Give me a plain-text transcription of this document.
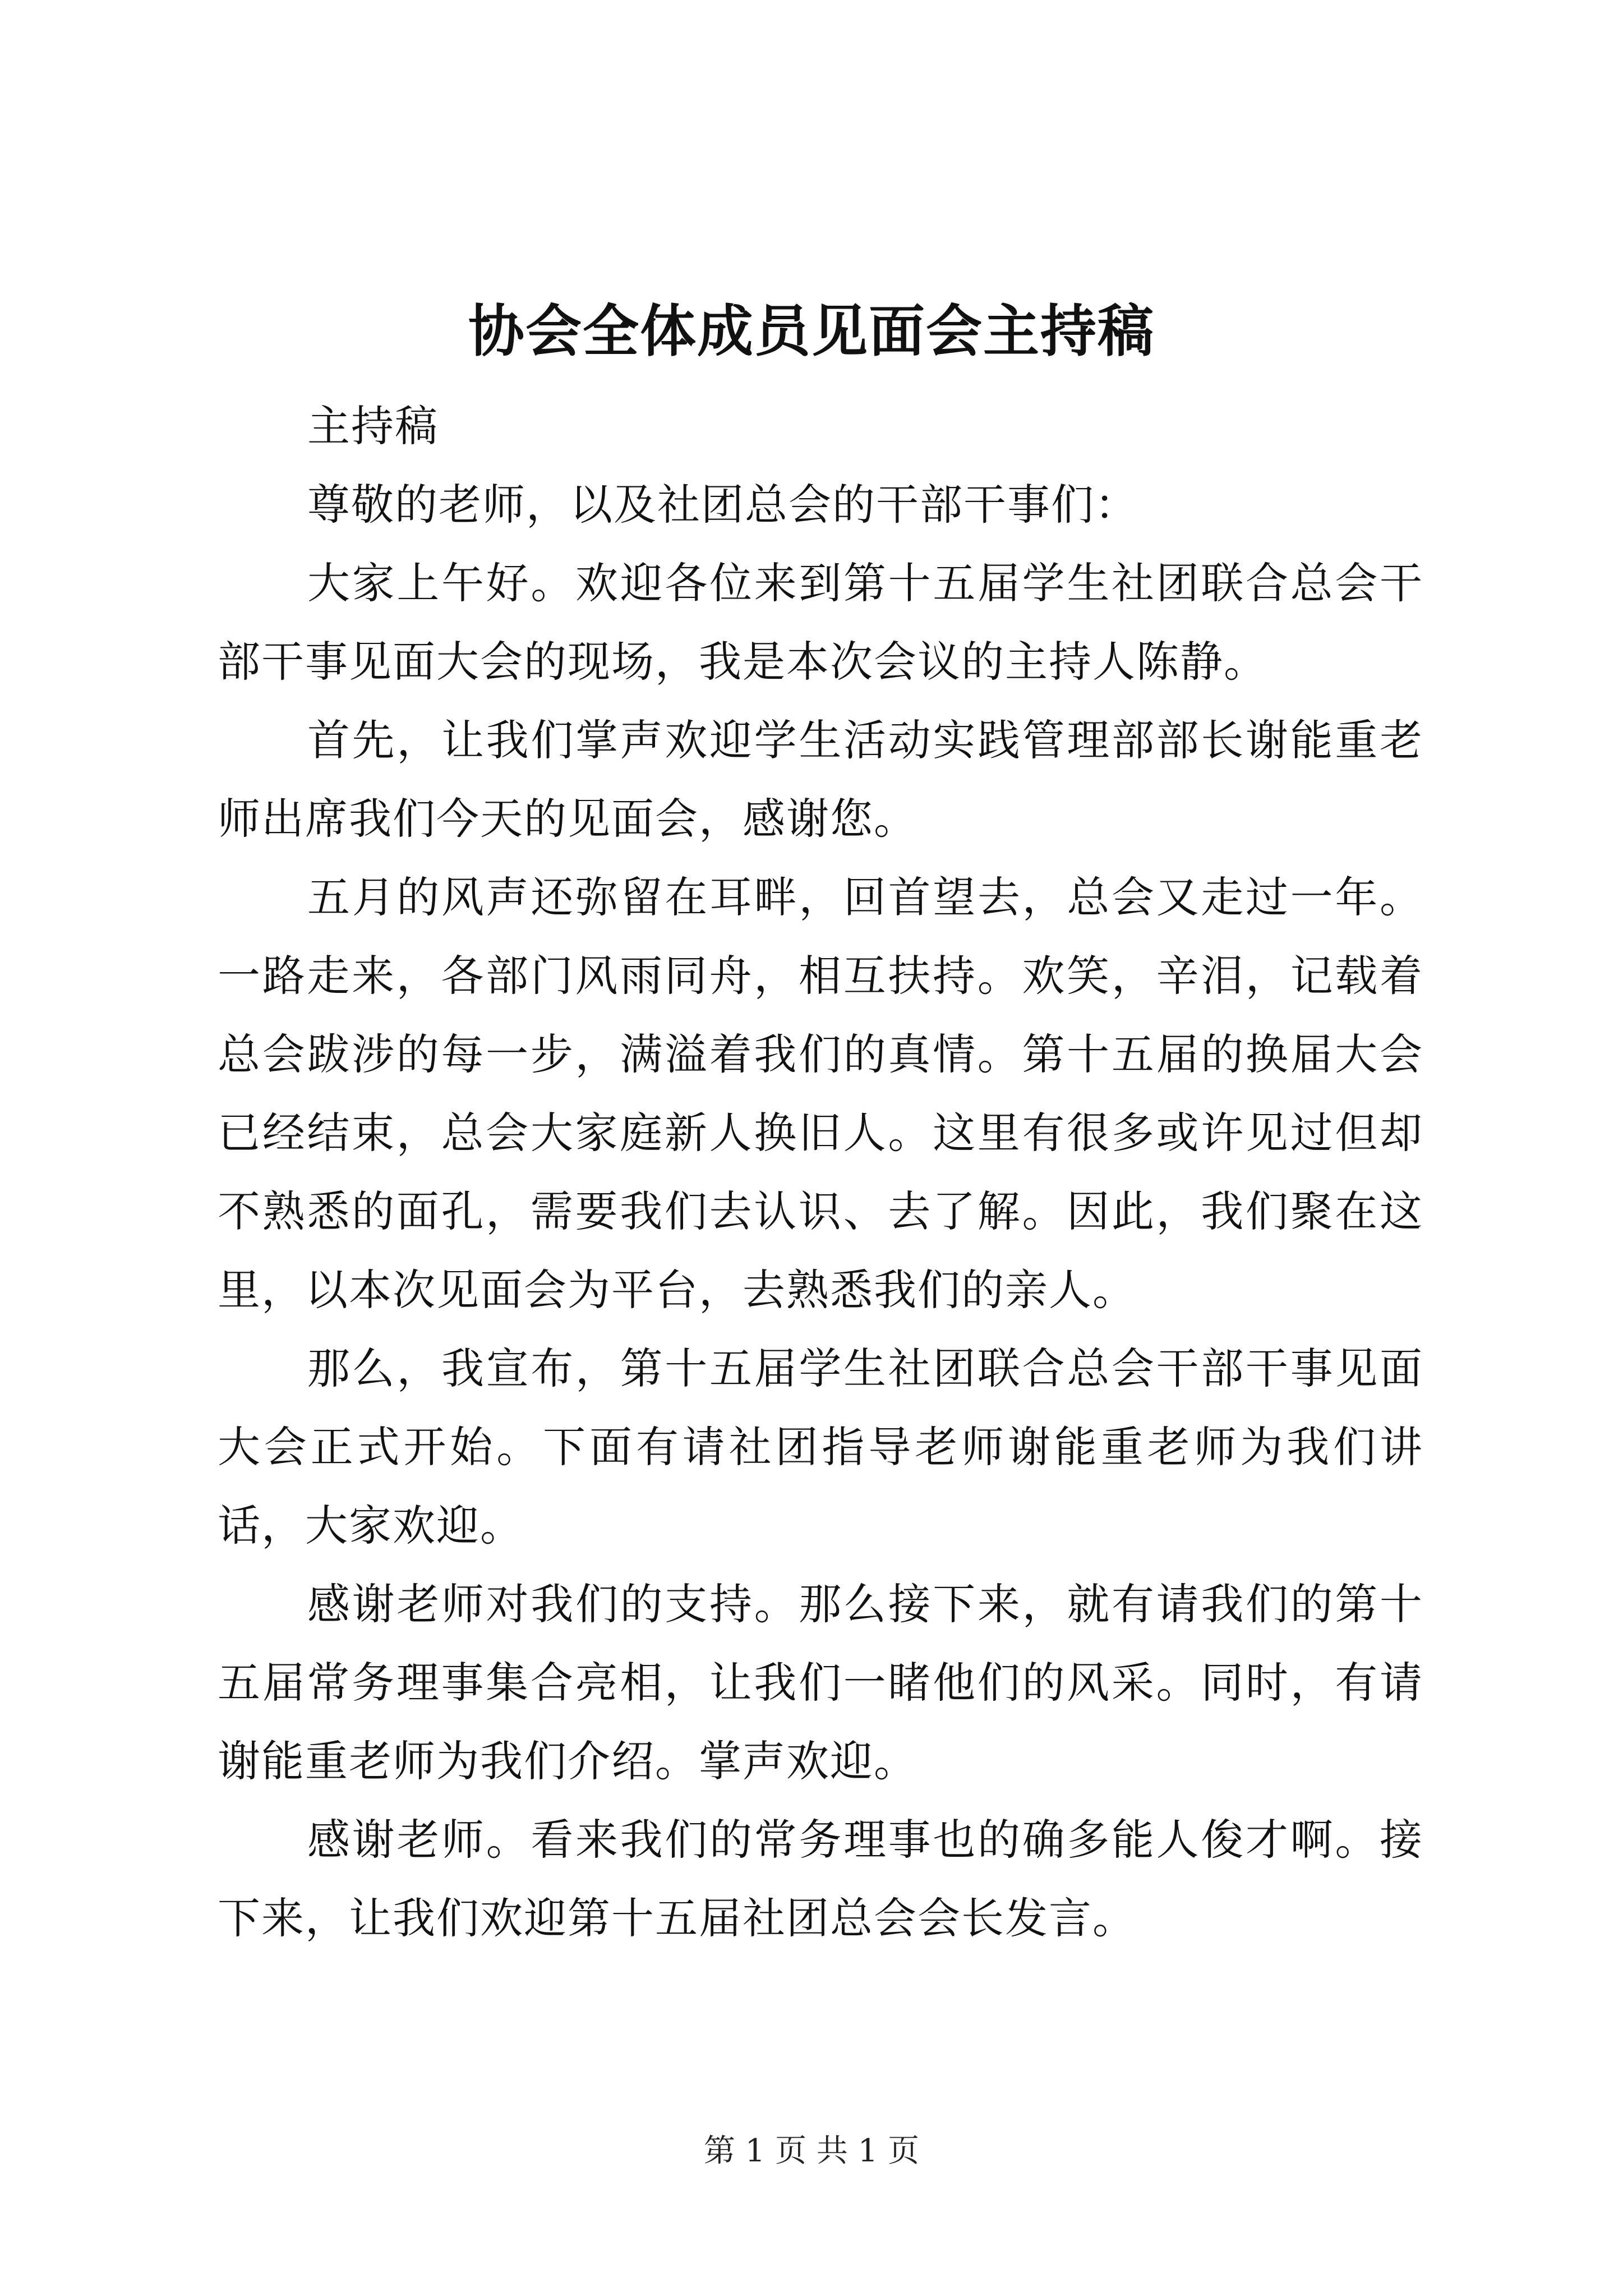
协会全体成员见面会主持稿

主持稿

尊敬的老师，以及社团总会的干部干事们：

大家上午好。欢迎各位来到第十五届学生社团联合总会干部干事见面大会的现场，我是本次会议的主持人陈静。

首先，让我们掌声欢迎学生活动实践管理部部长谢能重老师出席我们今天的见面会，感谢您。

五月的风声还弥留在耳畔，回首望去，总会又走过一年。一路走来，各部门风雨同舟，相互扶持。欢笑，辛泪，记载着总会跋涉的每一步，满溢着我们的真情。第十五届的换届大会已经结束，总会大家庭新人换旧人。这里有很多或许见过但却不熟悉的面孔，需要我们去认识、去了解。因此，我们聚在这里，以本次见面会为平台，去熟悉我们的亲人。

那么，我宣布，第十五届学生社团联合总会干部干事见面大会正式开始。下面有请社团指导老师谢能重老师为我们讲话，大家欢迎。

感谢老师对我们的支持。那么接下来，就有请我们的第十五届常务理事集合亮相，让我们一睹他们的风采。同时，有请谢能重老师为我们介绍。掌声欢迎。

感谢老师。看来我们的常务理事也的确多能人俊才啊。接下来，让我们欢迎第十五届社团总会会长发言。

第 1 页 共 1 页
